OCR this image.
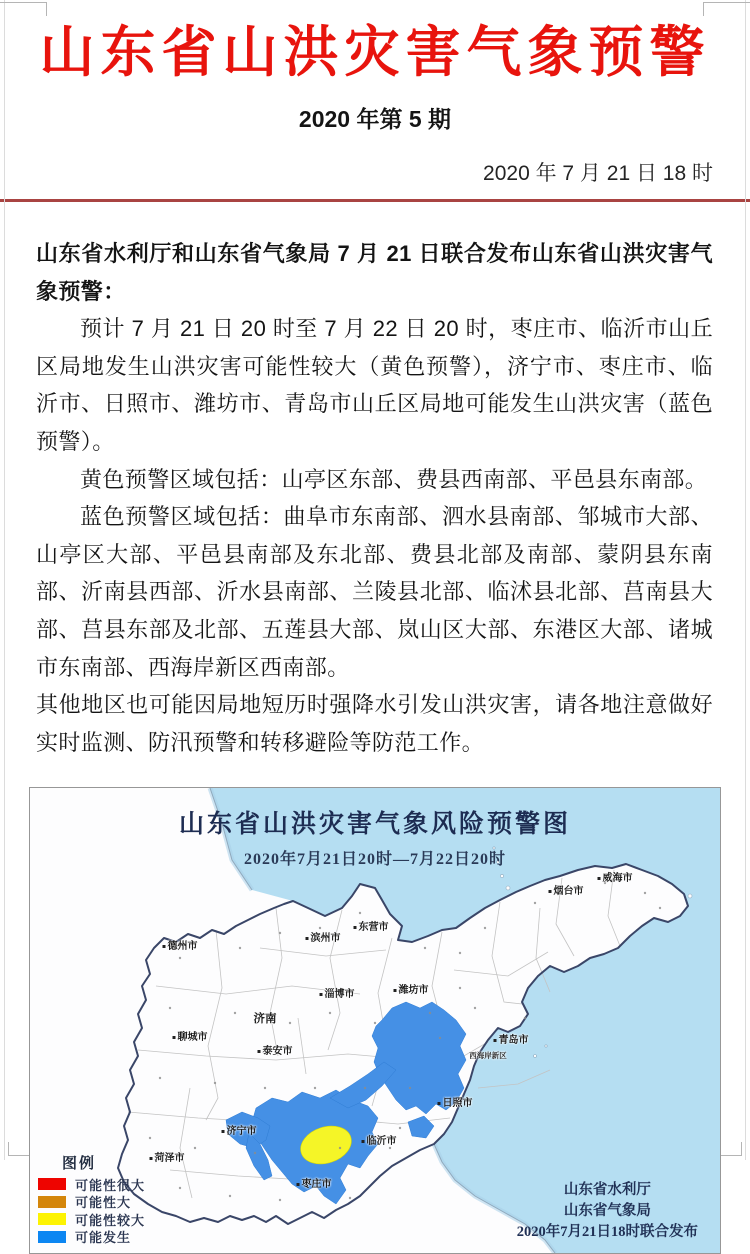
山东省山洪灾害气象预警
2020 年第 5 期
2020 年 7 月 21 日 18 时

山东省水利厅和山东省气象局 7 月 21 日联合发布山东省山洪灾害气象预警：

预计 7 月 21 日 20 时至 7 月 22 日 20 时，枣庄市、临沂市山丘区局地发生山洪灾害可能性较大（黄色预警），济宁市、枣庄市、临沂市、日照市、潍坊市、青岛市山丘区局地可能发生山洪灾害（蓝色预警）。

黄色预警区域包括：山亭区东部、费县西南部、平邑县东南部。

蓝色预警区域包括：曲阜市东南部、泗水县南部、邹城市大部、山亭区大部、平邑县南部及东北部、费县北部及南部、蒙阴县东南部、沂南县西部、沂水县南部、兰陵县北部、临沭县北部、莒南县大部、莒县东部及北部、五莲县大部、岚山区大部、东港区大部、诸城市东南部、西海岸新区西南部。

其他地区也可能因局地短历时强降水引发山洪灾害，请各地注意做好实时监测、防汛预警和转移避险等防范工作。

山东省山洪灾害气象风险预警图
2020年7月21日20时—7月22日20时
德州市
滨州市
东营市
烟台市
威海市
淄博市	潍坊市
济南
聊城市
泰安市
青岛市
西海岸新区
菏泽市
济宁市
枣庄市
临沂市
日照市
图例
可能性很大
可能性大
可能性较大
可能发生
山东省水利厅
山东省气象局
2020年7月21日18时联合发布
